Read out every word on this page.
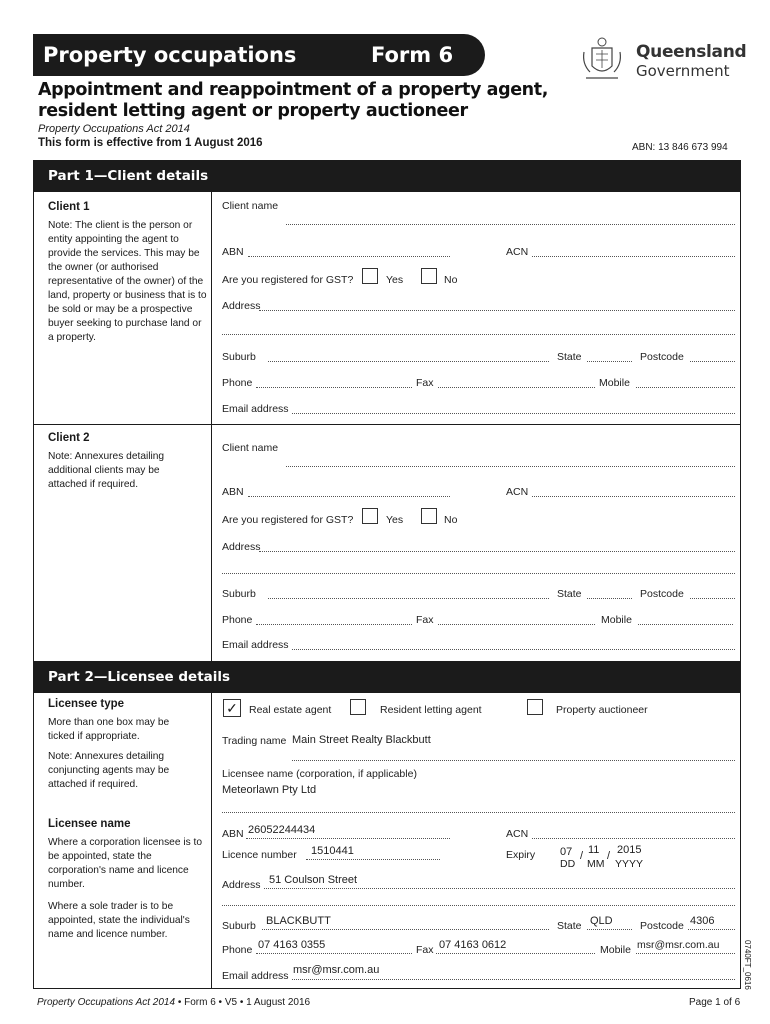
Property occupations	Form 6	Queensland
Government
Appointment and reappointment of a property agent,
resident letting agent or property auctioneer
Property Occupations Act 2014
This form is effective from 1 August 2016	ABN: 13 846 673 994
Part 1—Client details
Client 1
Note: The client is the person or entity appointing the agent to provide the services. This may be the owner (or authorised representative of the owner) of the land, property or business that is to be sold or may be a prospective buyer seeking to purchase land or a property.
Client name
ABN	ACN
Are you registered for GST?	Yes	No
Address
Suburb	State	Postcode
Phone	Fax	Mobile
Email address
Client 2
Note: Annexures detailing additional clients may be attached if required.
Client name
ABN	ACN
Are you registered for GST?	Yes	No
Address
Suburb	State	Postcode
Phone	Fax	Mobile
Email address
Part 2—Licensee details
Licensee type
More than one box may be ticked if appropriate.
Note: Annexures detailing conjuncting agents may be attached if required.
Licensee name
Where a corporation licensee is to be appointed, state the corporation's name and licence number.
Where a sole trader is to be appointed, state the individual's name and licence number.
✓ Real estate agent	Resident letting agent	Property auctioneer
Trading name Main Street Realty Blackbutt
Licensee name (corporation, if applicable)
Meteorlawn Pty Ltd
ABN 26052244434	ACN
Licence number 1510441	Expiry 07 / 11 / 2015
DD MM YYYY
Address 51 Coulson Street
Suburb BLACKBUTT	State QLD	Postcode 4306
Phone 07 4163 0355	Fax 07 4163 0612	Mobile msr@msr.com.au
Email address msr@msr.com.au
Property Occupations Act 2014 • Form 6 • V5 • 1 August 2016	Page 1 of 6
0740FT_0616
